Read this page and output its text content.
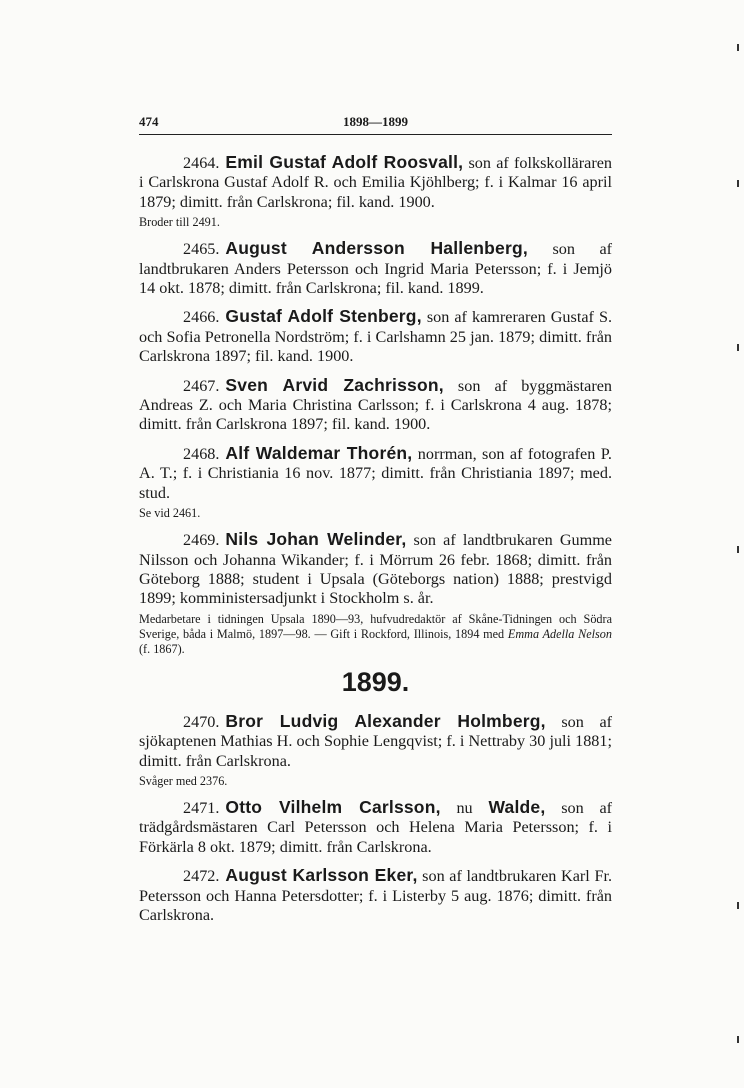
474	1898—1899
2464. Emil Gustaf Adolf Roosvall, son af folkskolläraren i Carlskrona Gustaf Adolf R. och Emilia Kjöhlberg; f. i Kalmar 16 april 1879; dimitt. från Carlskrona; fil. kand. 1900.
Broder till 2491.
2465. August Andersson Hallenberg, son af landtbrukaren Anders Petersson och Ingrid Maria Petersson; f. i Jemjö 14 okt. 1878; dimitt. från Carlskrona; fil. kand. 1899.
2466. Gustaf Adolf Stenberg, son af kamreraren Gustaf S. och Sofia Petronella Nordström; f. i Carlshamn 25 jan. 1879; dimitt. från Carlskrona 1897; fil. kand. 1900.
2467. Sven Arvid Zachrisson, son af byggmästaren Andreas Z. och Maria Christina Carlsson; f. i Carlskrona 4 aug. 1878; dimitt. från Carlskrona 1897; fil. kand. 1900.
2468. Alf Waldemar Thorén, norrman, son af fotografen P. A. T.; f. i Christiania 16 nov. 1877; dimitt. från Christiania 1897; med. stud.
Se vid 2461.
2469. Nils Johan Welinder, son af landtbrukaren Gumme Nilsson och Johanna Wikander; f. i Mörrum 26 febr. 1868; dimitt. från Göteborg 1888; student i Upsala (Göteborgs nation) 1888; prestvigd 1899; komministersadjunkt i Stockholm s. år.
Medarbetare i tidningen Upsala 1890—93, hufvudredaktör af Skåne-Tidningen och Södra Sverige, båda i Malmö, 1897—98. — Gift i Rockford, Illinois, 1894 med Emma Adella Nelson (f. 1867).
1899.
2470. Bror Ludvig Alexander Holmberg, son af sjökaptenen Mathias H. och Sophie Lengqvist; f. i Nettraby 30 juli 1881; dimitt. från Carlskrona.
Svåger med 2376.
2471. Otto Vilhelm Carlsson, nu Walde, son af trädgårdsmästaren Carl Petersson och Helena Maria Petersson; f. i Förkärla 8 okt. 1879; dimitt. från Carlskrona.
2472. August Karlsson Eker, son af landtbrukaren Karl Fr. Petersson och Hanna Petersdotter; f. i Listerby 5 aug. 1876; dimitt. från Carlskrona.
